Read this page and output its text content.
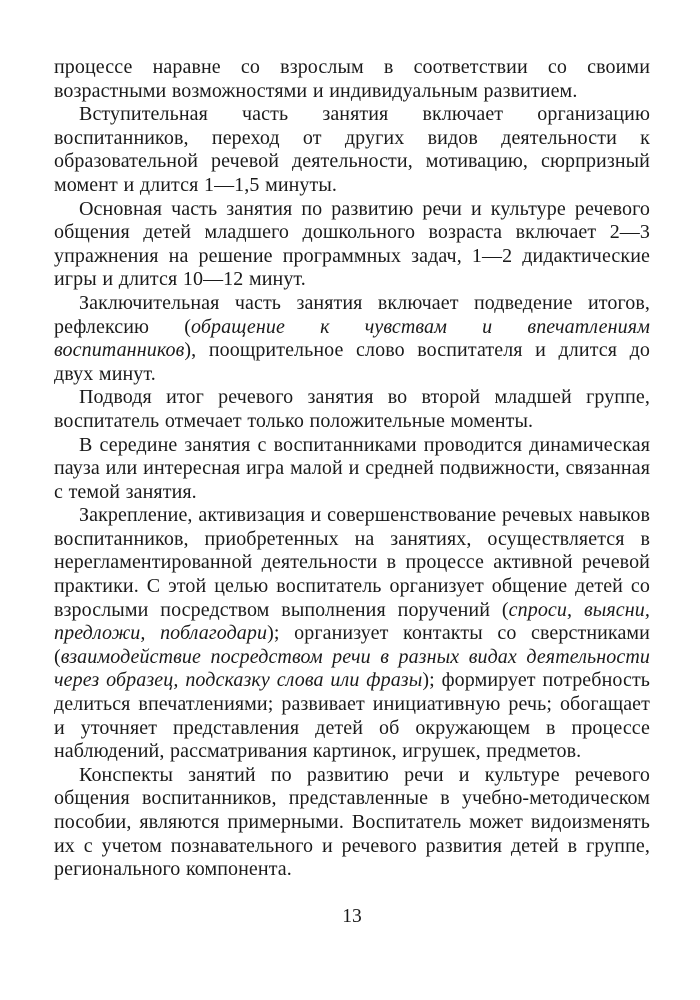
процессе наравне со взрослым в соответствии со своими возрастными возможностями и индивидуальным развитием.

Вступительная часть занятия включает организацию воспитанников, переход от других видов деятельности к образовательной речевой деятельности, мотивацию, сюрпризный момент и длится 1—1,5 минуты.

Основная часть занятия по развитию речи и культуре речевого общения детей младшего дошкольного возраста включает 2—3 упражнения на решение программных задач, 1—2 дидактические игры и длится 10—12 минут.

Заключительная часть занятия включает подведение итогов, рефлексию (обращение к чувствам и впечатлениям воспитанников), поощрительное слово воспитателя и длится до двух минут.

Подводя итог речевого занятия во второй младшей группе, воспитатель отмечает только положительные моменты.

В середине занятия с воспитанниками проводится динамическая пауза или интересная игра малой и средней подвижности, связанная с темой занятия.

Закрепление, активизация и совершенствование речевых навыков воспитанников, приобретенных на занятиях, осуществляется в нерегламентированной деятельности в процессе активной речевой практики. С этой целью воспитатель организует общение детей со взрослыми посредством выполнения поручений (спроси, выясни, предложи, поблагодари); организует контакты со сверстниками (взаимодействие посредством речи в разных видах деятельности через образец, подсказку слова или фразы); формирует потребность делиться впечатлениями; развивает инициативную речь; обогащает и уточняет представления детей об окружающем в процессе наблюдений, рассматривания картинок, игрушек, предметов.

Конспекты занятий по развитию речи и культуре речевого общения воспитанников, представленные в учебно-методическом пособии, являются примерными. Воспитатель может видоизменять их с учетом познавательного и речевого развития детей в группе, регионального компонента.

13
